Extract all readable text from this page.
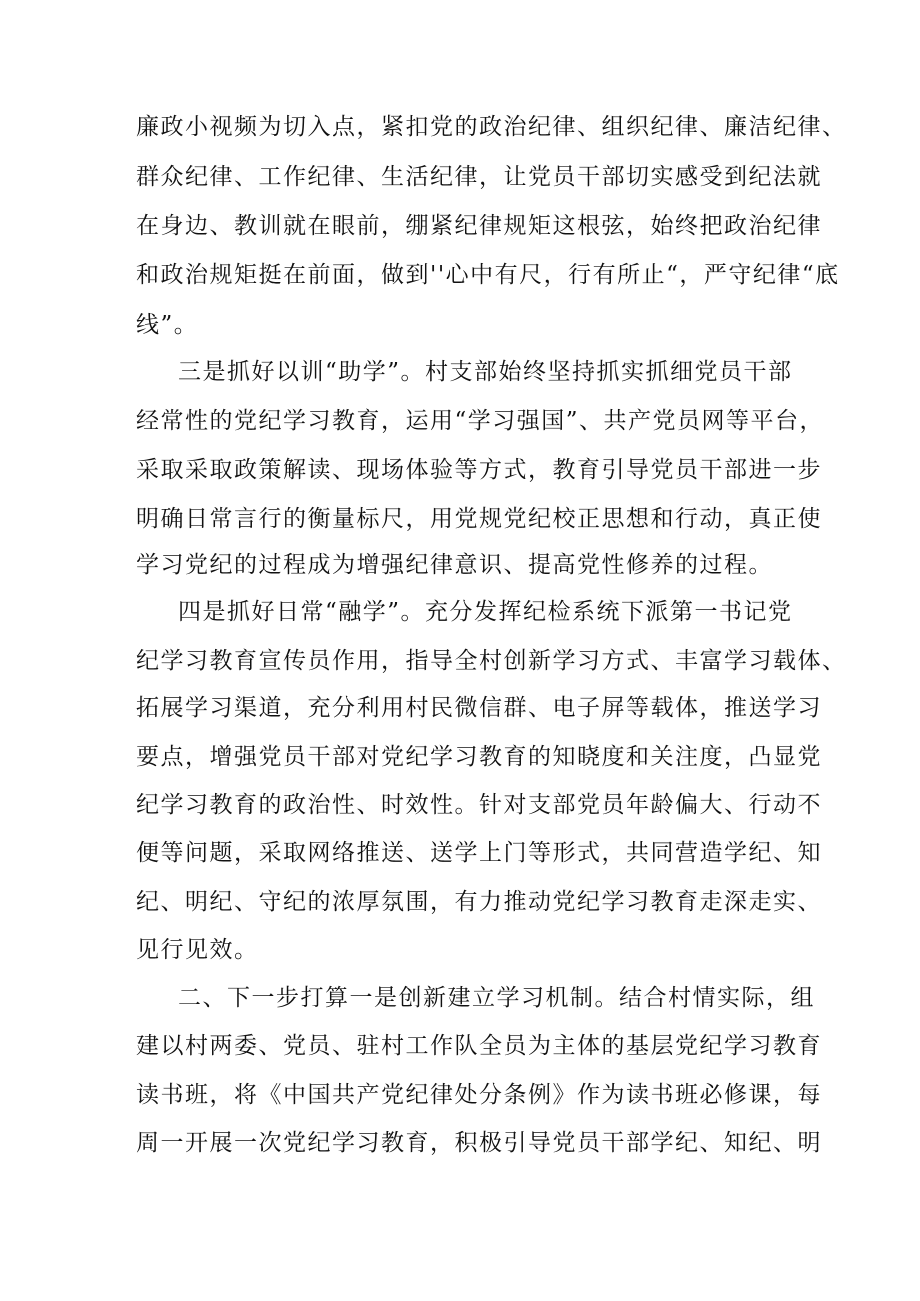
廉政小视频为切入点，紧扣党的政治纪律、组织纪律、廉洁纪律、

群众纪律、工作纪律、生活纪律，让党员干部切实感受到纪法就

在身边、教训就在眼前，绷紧纪律规矩这根弦，始终把政治纪律

和政治规矩挺在前面，做到''心中有尺，行有所止“，严守纪律“底

线”。

三是抓好以训“助学”。村支部始终坚持抓实抓细党员干部

经常性的党纪学习教育，运用“学习强国”、共产党员网等平台，

采取采取政策解读、现场体验等方式，教育引导党员干部进一步

明确日常言行的衡量标尺，用党规党纪校正思想和行动，真正使

学习党纪的过程成为增强纪律意识、提高党性修养的过程。

四是抓好日常“融学”。充分发挥纪检系统下派第一书记党

纪学习教育宣传员作用，指导全村创新学习方式、丰富学习载体、

拓展学习渠道，充分利用村民微信群、电子屏等载体，推送学习

要点，增强党员干部对党纪学习教育的知晓度和关注度，凸显党

纪学习教育的政治性、时效性。针对支部党员年龄偏大、行动不

便等问题，采取网络推送、送学上门等形式，共同营造学纪、知

纪、明纪、守纪的浓厚氛围，有力推动党纪学习教育走深走实、

见行见效。

二、下一步打算一是创新建立学习机制。结合村情实际，组

建以村两委、党员、驻村工作队全员为主体的基层党纪学习教育

读书班，将《中国共产党纪律处分条例》作为读书班必修课，每

周一开展一次党纪学习教育，积极引导党员干部学纪、知纪、明
